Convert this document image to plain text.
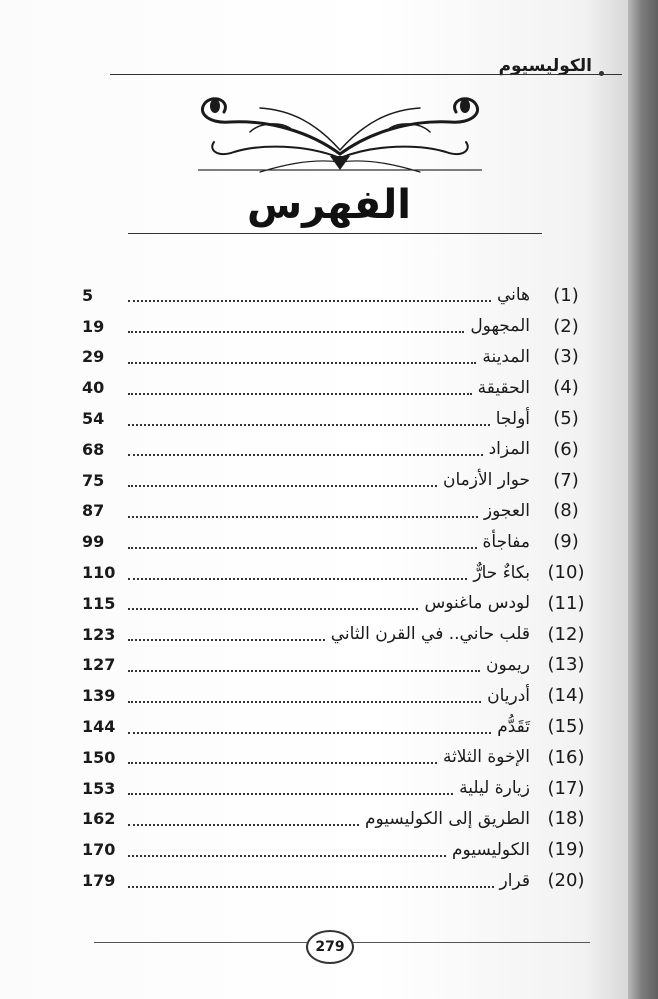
الكوليسيوم
الفهرس
(1)
هاني
5
(2)
المجهول
19
(3)
المدينة
29
(4)
الحقيقة
40
(5)
أولجا
54
(6)
المزاد
68
(7)
حوار الأزمان
75
(8)
العجوز
87
(9)
مفاجأة
99
(10)
بكاءٌ حارٌّ
110
(11)
لودس ماغنوس
115
(12)
قلب حاني.. في القرن الثاني
123
(13)
ريمون
127
(14)
أدريان
139
(15)
تَقَدُّم
144
(16)
الإخوة الثلاثة
150
(17)
زيارة ليلية
153
(18)
الطريق إلى الكوليسيوم
162
(19)
الكوليسيوم
170
(20)
قرار
179
279
